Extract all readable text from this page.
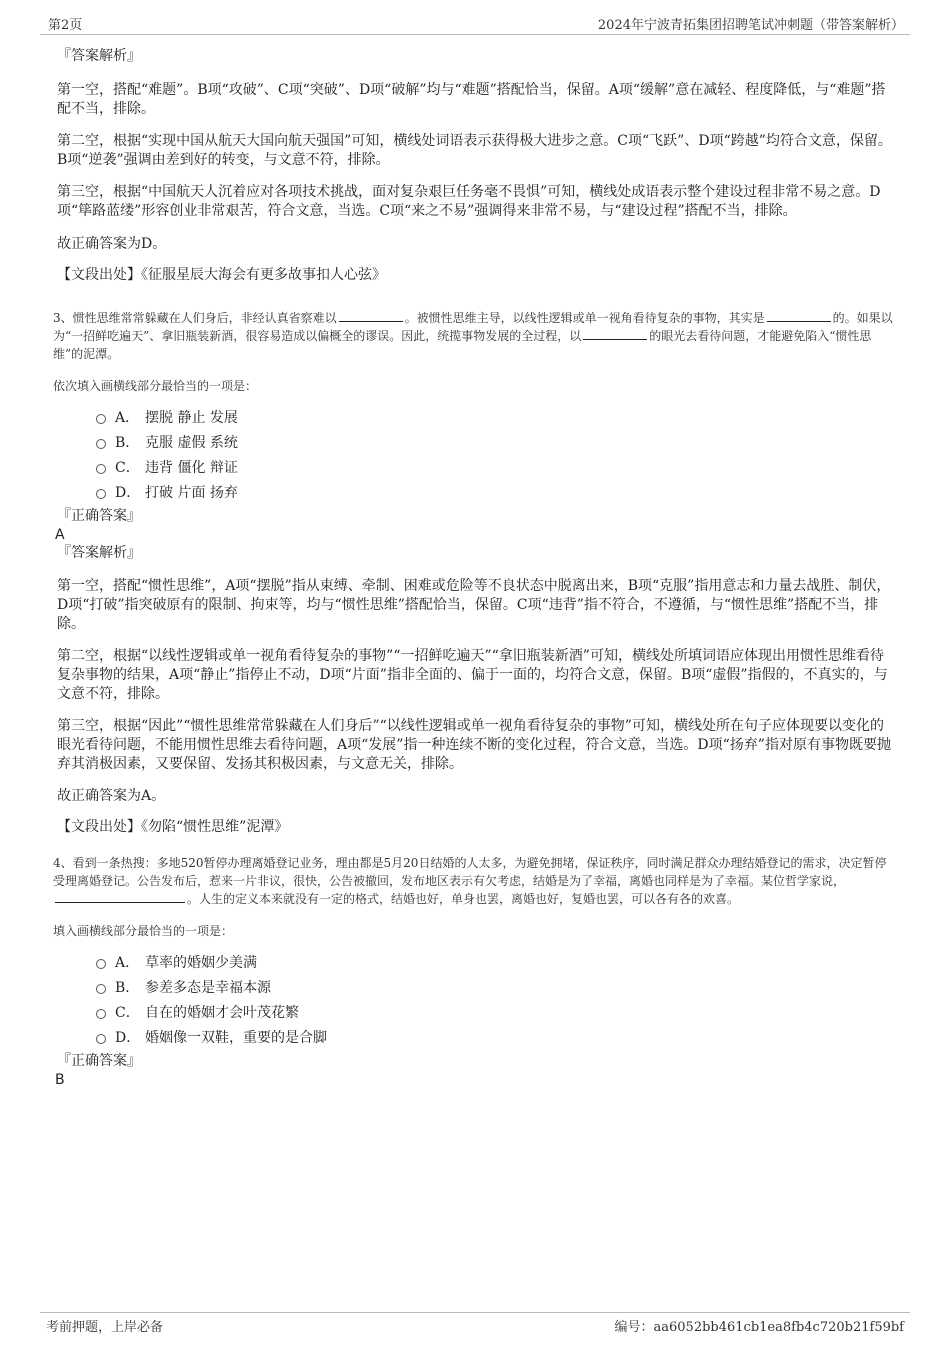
第2页	2024年宁波青拓集团招聘笔试冲刺题（带答案解析）

『答案解析』

第一空，搭配“难题”。B项“攻破”、C项“突破”、D项“破解”均与“难题”搭配恰当，保留。A项“缓解”意在减轻、程度降低，与“难题”搭配不当，排除。

第二空，根据“实现中国从航天大国向航天强国”可知，横线处词语表示获得极大进步之意。C项“飞跃”、D项“跨越”均符合文意，保留。B项“逆袭”强调由差到好的转变，与文意不符，排除。

第三空，根据“中国航天人沉着应对各项技术挑战，面对复杂艰巨任务毫不畏惧”可知，横线处成语表示整个建设过程非常不易之意。D项“筚路蓝缕”形容创业非常艰苦，符合文意，当选。C项“来之不易”强调得来非常不易，与“建设过程”搭配不当，排除。

故正确答案为D。

【文段出处】《征服星辰大海会有更多故事扣人心弦》

3、惯性思维常常躲藏在人们身后，非经认真省察难以	。被惯性思维主导，以线性逻辑或单一视角看待复杂的事物，其实是	的。如果以为“一招鲜吃遍天”、拿旧瓶装新酒，很容易造成以偏概全的谬误。因此，统揽事物发展的全过程，以	的眼光去看待问题，才能避免陷入“惯性思维”的泥潭。

依次填入画横线部分最恰当的一项是：

A． 摆脱 静止 发展
B． 克服 虚假 系统
C． 违背 僵化 辩证
D． 打破 片面 扬弃

『正确答案』

A

『答案解析』

第一空，搭配“惯性思维”，A项“摆脱”指从束缚、牵制、困难或危险等不良状态中脱离出来，B项“克服”指用意志和力量去战胜、制伏，D项“打破”指突破原有的限制、拘束等，均与“惯性思维”搭配恰当，保留。C项“违背”指不符合，不遵循，与“惯性思维”搭配不当，排除。

第二空，根据“以线性逻辑或单一视角看待复杂的事物”“一招鲜吃遍天”“拿旧瓶装新酒”可知，横线处所填词语应体现出用惯性思维看待复杂事物的结果，A项“静止”指停止不动，D项“片面”指非全面的、偏于一面的，均符合文意，保留。B项“虚假”指假的，不真实的，与文意不符，排除。

第三空，根据“因此”“惯性思维常常躲藏在人们身后”“以线性逻辑或单一视角看待复杂的事物”可知，横线处所在句子应体现要以变化的眼光看待问题，不能用惯性思维去看待问题，A项“发展”指一种连续不断的变化过程，符合文意，当选。D项“扬弃”指对原有事物既要抛弃其消极因素，又要保留、发扬其积极因素，与文意无关，排除。

故正确答案为A。

【文段出处】《勿陷“惯性思维”泥潭》

4、看到一条热搜：多地520暂停办理离婚登记业务，理由都是5月20日结婚的人太多，为避免拥堵，保证秩序，同时满足群众办理结婚登记的需求，决定暂停受理离婚登记。公告发布后，惹来一片非议，很快，公告被撤回，发布地区表示有欠考虑，结婚是为了幸福，离婚也同样是为了幸福。某位哲学家说，。人生的定义本来就没有一定的格式，结婚也好，单身也罢，离婚也好，复婚也罢，可以各有各的欢喜。

填入画横线部分最恰当的一项是：

A． 草率的婚姻少美满
B． 参差多态是幸福本源
C． 自在的婚姻才会叶茂花繁
D． 婚姻像一双鞋，重要的是合脚

『正确答案』

B

考前押题，上岸必备	编号：aa6052bb461cb1ea8fb4c720b21f59bf
